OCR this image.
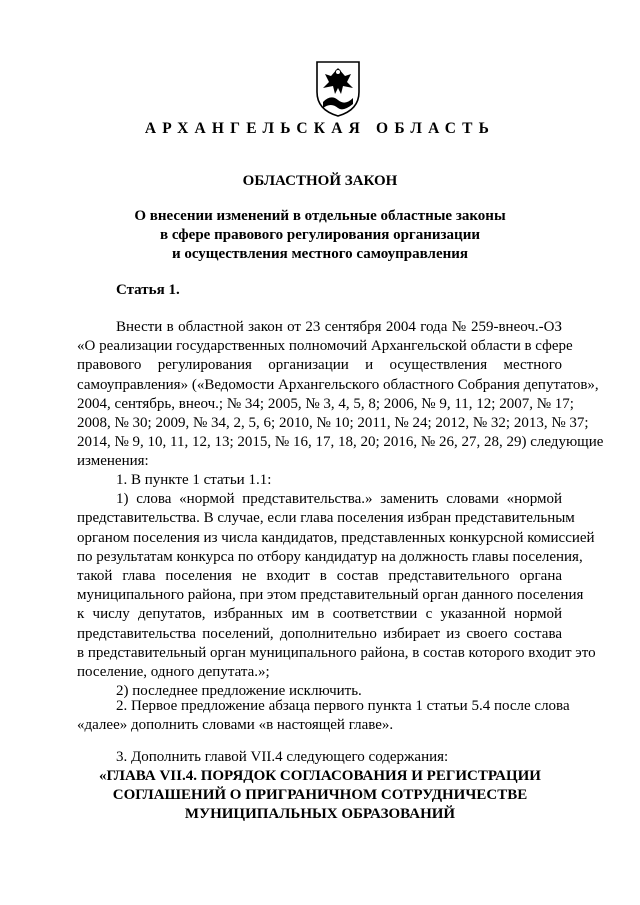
АРХАНГЕЛЬСКАЯ ОБЛАСТЬ
ОБЛАСТНОЙ ЗАКОН
О внесении изменений в отдельные областные законы
в сфере правового регулирования организации
и осуществления местного самоуправления
Статья 1.
Внести в областной закон от 23 сентября 2004 года № 259-внеоч.-ОЗ
«О реализации государственных полномочий Архангельской области в сфере
правового регулирования организации и осуществления местного
самоуправления» («Ведомости Архангельского областного Собрания депутатов»,
2004, сентябрь, внеоч.; № 34; 2005, № 3, 4, 5, 8; 2006, № 9, 11, 12; 2007, № 17;
2008, № 30; 2009, № 34, 2, 5, 6; 2010, № 10; 2011, № 24; 2012, № 32; 2013, № 37;
2014, № 9, 10, 11, 12, 13; 2015, № 16, 17, 18, 20; 2016, № 26, 27, 28, 29) следующие
изменения:
1. В пункте 1 статьи 1.1:
1) слова «нормой представительства.» заменить словами «нормой
представительства. В случае, если глава поселения избран представительным
органом поселения из числа кандидатов, представленных конкурсной комиссией
по результатам конкурса по отбору кандидатур на должность главы поселения,
такой глава поселения не входит в состав представительного органа
муниципального района, при этом представительный орган данного поселения
к числу депутатов, избранных им в соответствии с указанной нормой
представительства поселений, дополнительно избирает из своего состава
в представительный орган муниципального района, в состав которого входит это
поселение, одного депутата.»;
2) последнее предложение исключить.
2. Первое предложение абзаца первого пункта 1 статьи 5.4 после слова
«далее» дополнить словами «в настоящей главе».
3. Дополнить главой VII.4 следующего содержания:
«ГЛАВА VII.4. ПОРЯДОК СОГЛАСОВАНИЯ И РЕГИСТРАЦИИ
СОГЛАШЕНИЙ О ПРИГРАНИЧНОМ СОТРУДНИЧЕСТВЕ
МУНИЦИПАЛЬНЫХ ОБРАЗОВАНИЙ
